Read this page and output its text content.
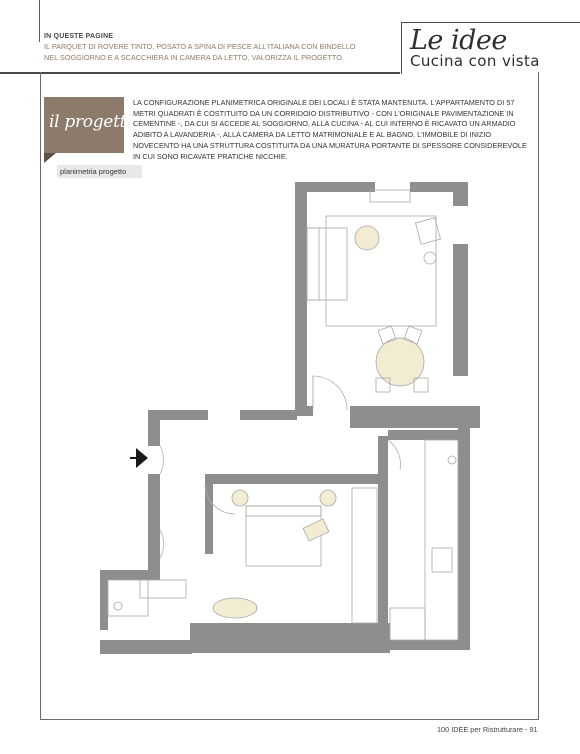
IN QUESTE PAGINE
IL PARQUET DI ROVERE TINTO, POSATO A SPINA DI PESCE ALL'ITALIANA CON BINDELLO NEL SOGGIORNO E A SCACCHIERA IN CAMERA DA LETTO, VALORIZZA IL PROGETTO.
Le idee
Cucina con vista
il progetto
LA CONFIGURAZIONE PLANIMETRICA ORIGINALE DEI LOCALI È STATA MANTENUTA. L'APPARTAMENTO DI 57 METRI QUADRATI È COSTITUITO DA UN CORRIDOIO DISTRIBUTIVO - CON L'ORIGINALE PAVIMENTAZIONE IN CEMENTINE -, DA CUI SI ACCEDE AL SOGGIORNO, ALLA CUCINA - AL CUI INTERNO È RICAVATO UN ARMADIO ADIBITO A LAVANDERIA -, ALLA CAMERA DA LETTO MATRIMONIALE E AL BAGNO. L'IMMOBILE DI INIZIO NOVECENTO HA UNA STRUTTURA COSTITUITA DA UNA MURATURA PORTANTE DI SPESSORE CONSIDEREVOLE IN CUI SONO RICAVATE PRATICHE NICCHIE.
planimetria progetto
100 IDEE per Ristrutturare - 91
